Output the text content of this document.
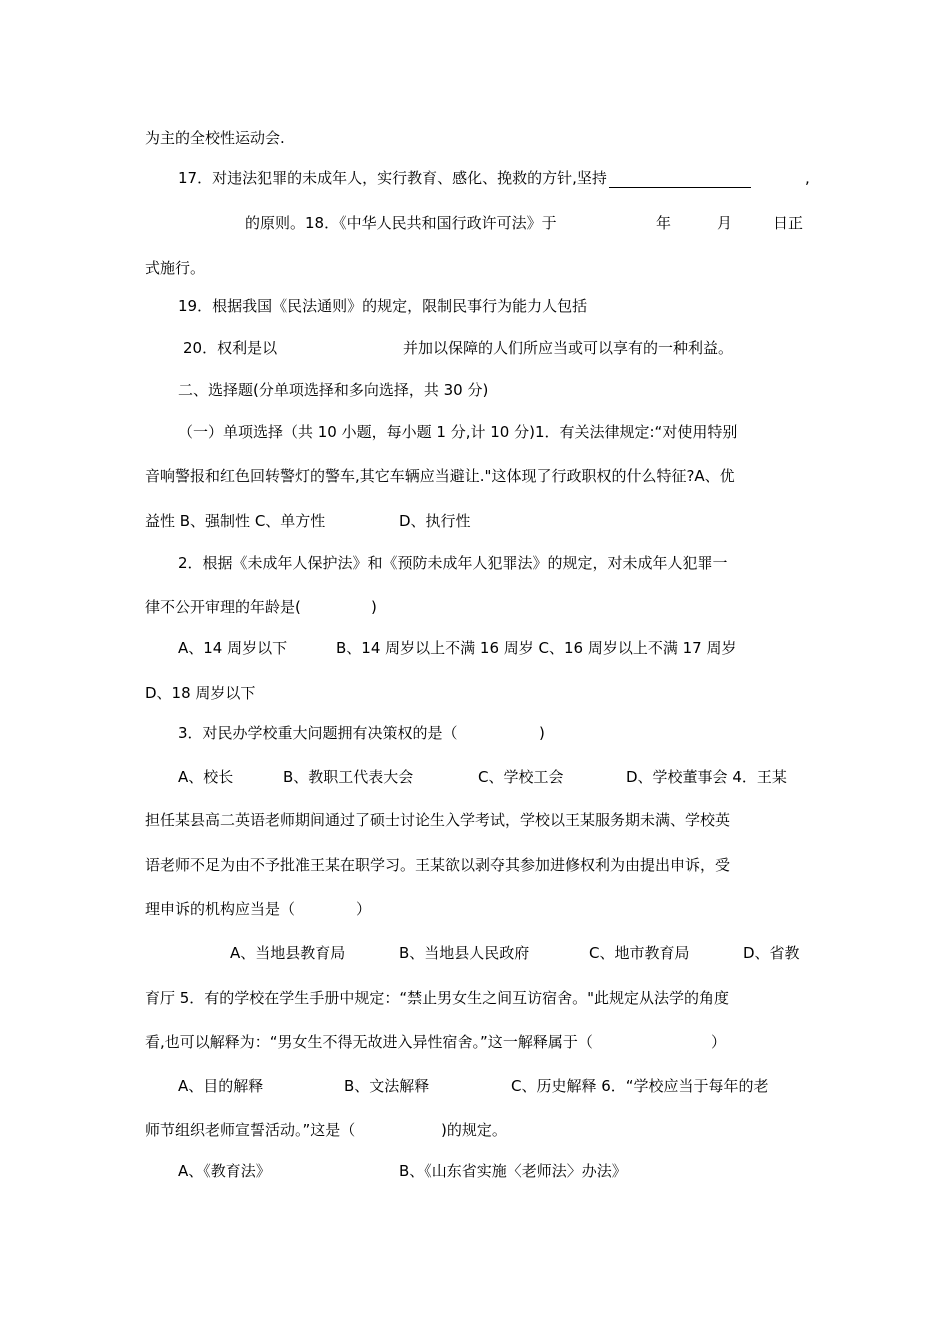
为主的全校性运动会.
17．对违法犯罪的未成年人，实行教育、感化、挽救的方针,坚持	,
的原则。18．《中华人民共和国行政许可法》于	年	月	日正
式施行。
19．根据我国《民法通则》的规定，限制民事行为能力人包括
20．权利是以	并加以保障的人们所应当或可以享有的一种利益。
二、选择题(分单项选择和多向选择，共 30 分)
（一）单项选择（共 10 小题，每小题 1 分,计 10 分)1．有关法律规定:“对使用特别
音响警报和红色回转警灯的警车,其它车辆应当避让."这体现了行政职权的什么特征?A、优
益性 B、强制性 C、单方性	D、执行性
2．根据《未成年人保护法》和《预防未成年人犯罪法》的规定，对未成年人犯罪一
律不公开审理的年龄是(	)
A、14 周岁以下	B、14 周岁以上不满 16 周岁 C、16 周岁以上不满 17 周岁
D、18 周岁以下
3．对民办学校重大问题拥有决策权的是（	)
A、校长	B、教职工代表大会	C、学校工会	D、学校董事会 4．王某
担任某县高二英语老师期间通过了硕士讨论生入学考试，学校以王某服务期未满、学校英
语老师不足为由不予批准王某在职学习。王某欲以剥夺其参加进修权利为由提出申诉，受
理申诉的机构应当是（	）
A、当地县教育局	B、当地县人民政府	C、地市教育局	D、省教
育厅 5．有的学校在学生手册中规定：“禁止男女生之间互访宿舍。"此规定从法学的角度
看,也可以解释为：“男女生不得无故进入异性宿舍。”这一解释属于（	）
A、目的解释	B、文法解释	C、历史解释 6．“学校应当于每年的老
师节组织老师宣誓活动。”这是（	)的规定。
A、《教育法》	B、《山东省实施〈老师法〉办法》
